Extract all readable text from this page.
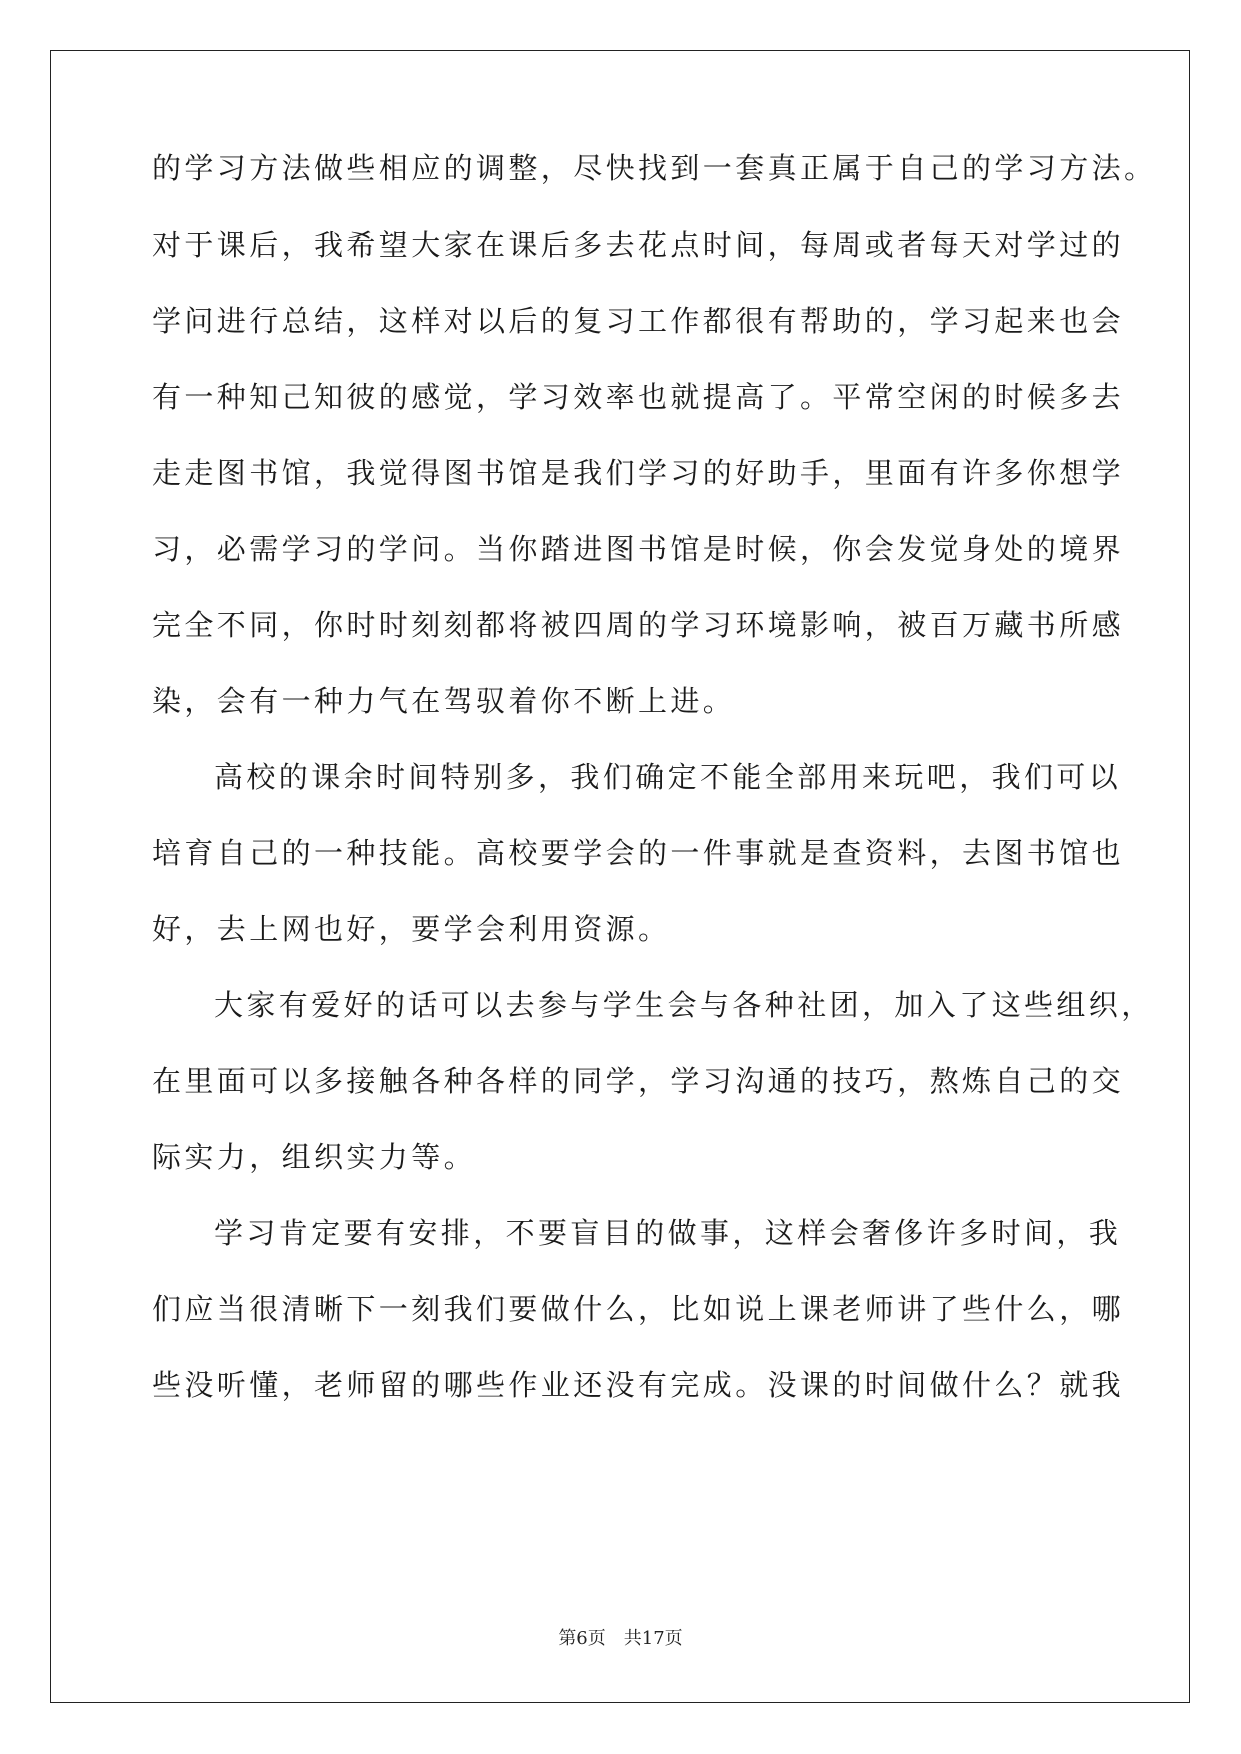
的学习方法做些相应的调整，尽快找到一套真正属于自己的学习方法。
对于课后，我希望大家在课后多去花点时间，每周或者每天对学过的
学问进行总结，这样对以后的复习工作都很有帮助的，学习起来也会
有一种知己知彼的感觉，学习效率也就提高了。平常空闲的时候多去
走走图书馆，我觉得图书馆是我们学习的好助手，里面有许多你想学
习，必需学习的学问。当你踏进图书馆是时候，你会发觉身处的境界
完全不同，你时时刻刻都将被四周的学习环境影响，被百万藏书所感
染，会有一种力气在驾驭着你不断上进。
高校的课余时间特别多，我们确定不能全部用来玩吧，我们可以
培育自己的一种技能。高校要学会的一件事就是查资料，去图书馆也
好，去上网也好，要学会利用资源。
大家有爱好的话可以去参与学生会与各种社团，加入了这些组织，
在里面可以多接触各种各样的同学，学习沟通的技巧，熬炼自己的交
际实力，组织实力等。
学习肯定要有安排，不要盲目的做事，这样会奢侈许多时间，我
们应当很清晰下一刻我们要做什么，比如说上课老师讲了些什么，哪
些没听懂，老师留的哪些作业还没有完成。没课的时间做什么？就我
第6页 共17页
